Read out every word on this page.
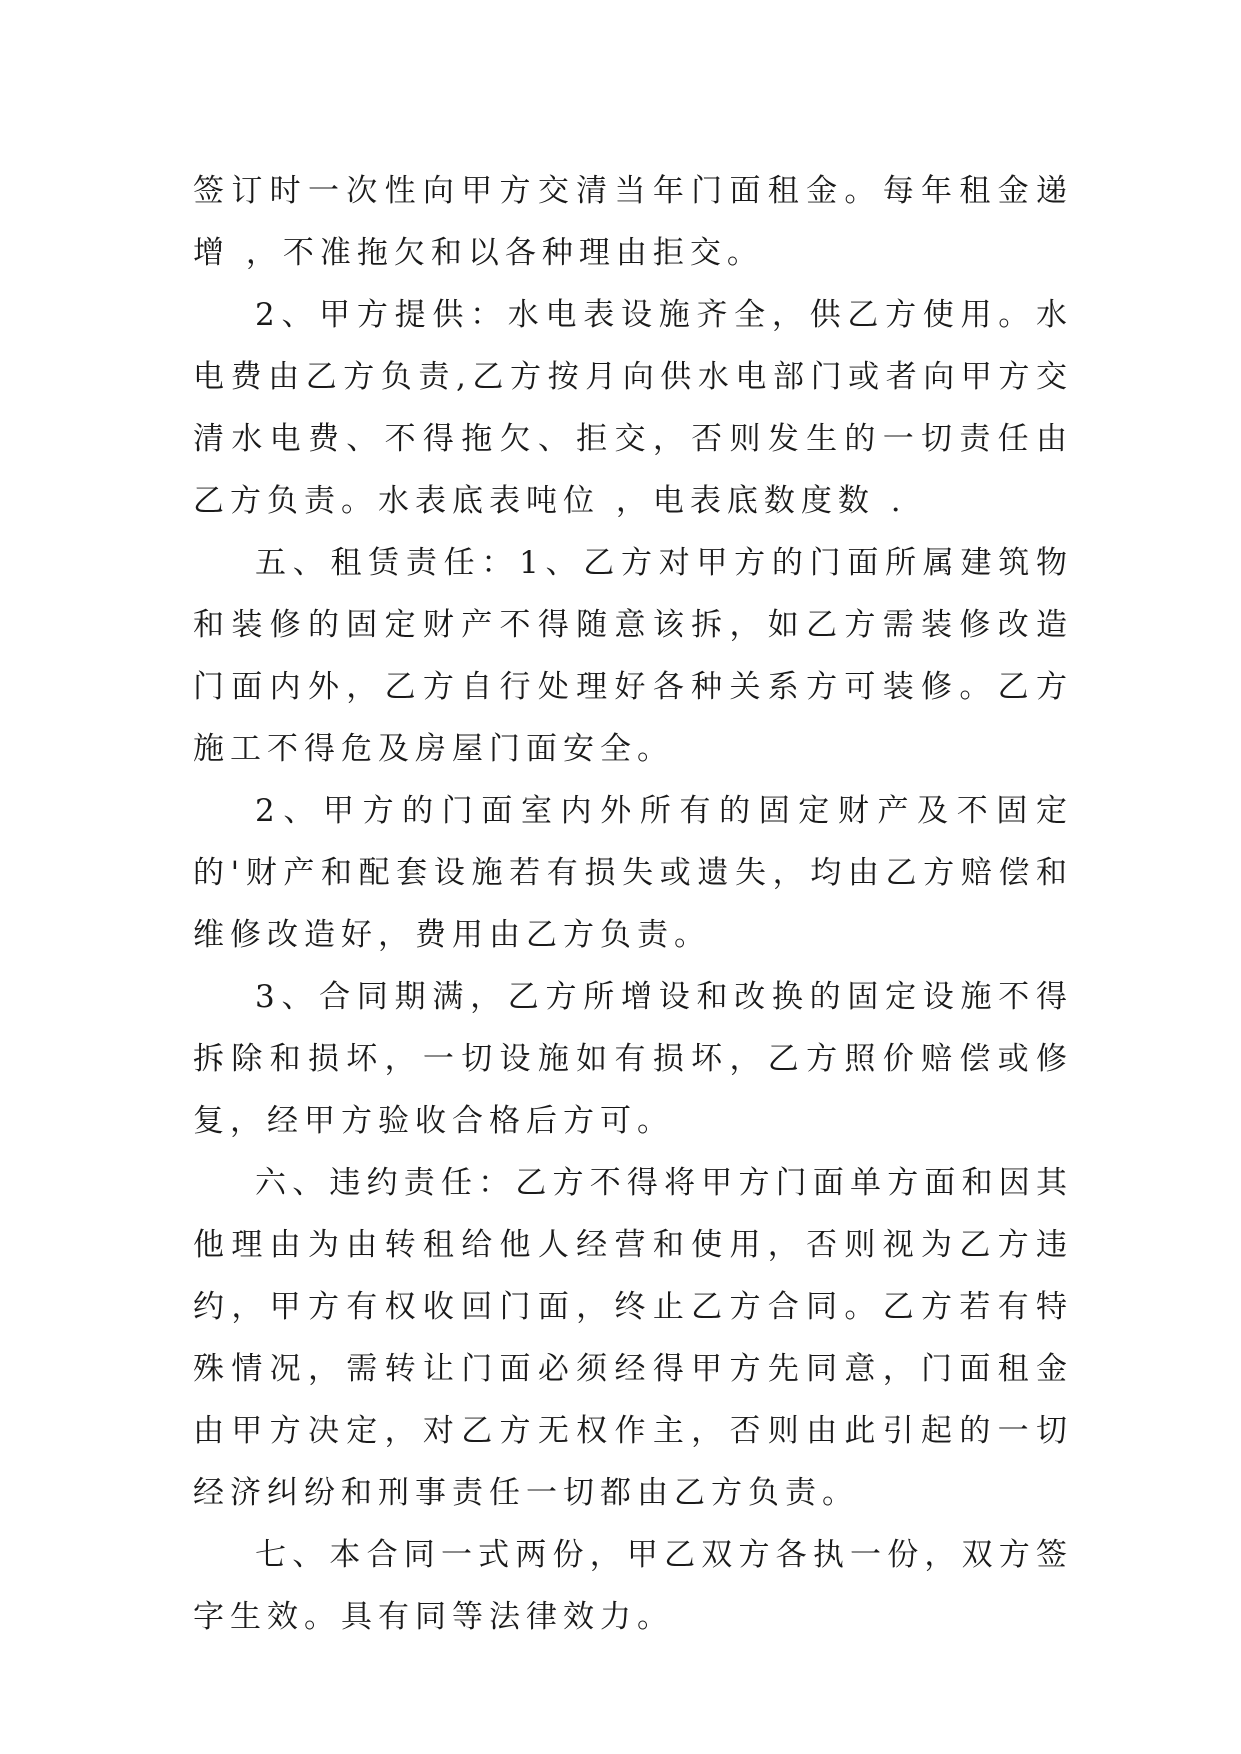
签订时一次性向甲方交清当年门面租金。每年租金递增 ，不准拖欠和以各种理由拒交。

2、甲方提供：水电表设施齐全，供乙方使用。水电费由乙方负责,乙方按月向供水电部门或者向甲方交清水电费、不得拖欠、拒交，否则发生的一切责任由乙方负责。水表底表吨位 ，电表底数度数 .

五、租赁责任：1、乙方对甲方的门面所属建筑物和装修的固定财产不得随意该拆，如乙方需装修改造门面内外，乙方自行处理好各种关系方可装修。乙方施工不得危及房屋门面安全。

2、甲方的门面室内外所有的固定财产及不固定的'财产和配套设施若有损失或遗失，均由乙方赔偿和维修改造好，费用由乙方负责。

3、合同期满，乙方所增设和改换的固定设施不得拆除和损坏，一切设施如有损坏，乙方照价赔偿或修复，经甲方验收合格后方可。

六、违约责任：乙方不得将甲方门面单方面和因其他理由为由转租给他人经营和使用，否则视为乙方违约，甲方有权收回门面，终止乙方合同。乙方若有特殊情况，需转让门面必须经得甲方先同意，门面租金由甲方决定，对乙方无权作主，否则由此引起的一切经济纠纷和刑事责任一切都由乙方负责。

七、本合同一式两份，甲乙双方各执一份，双方签字生效。具有同等法律效力。
